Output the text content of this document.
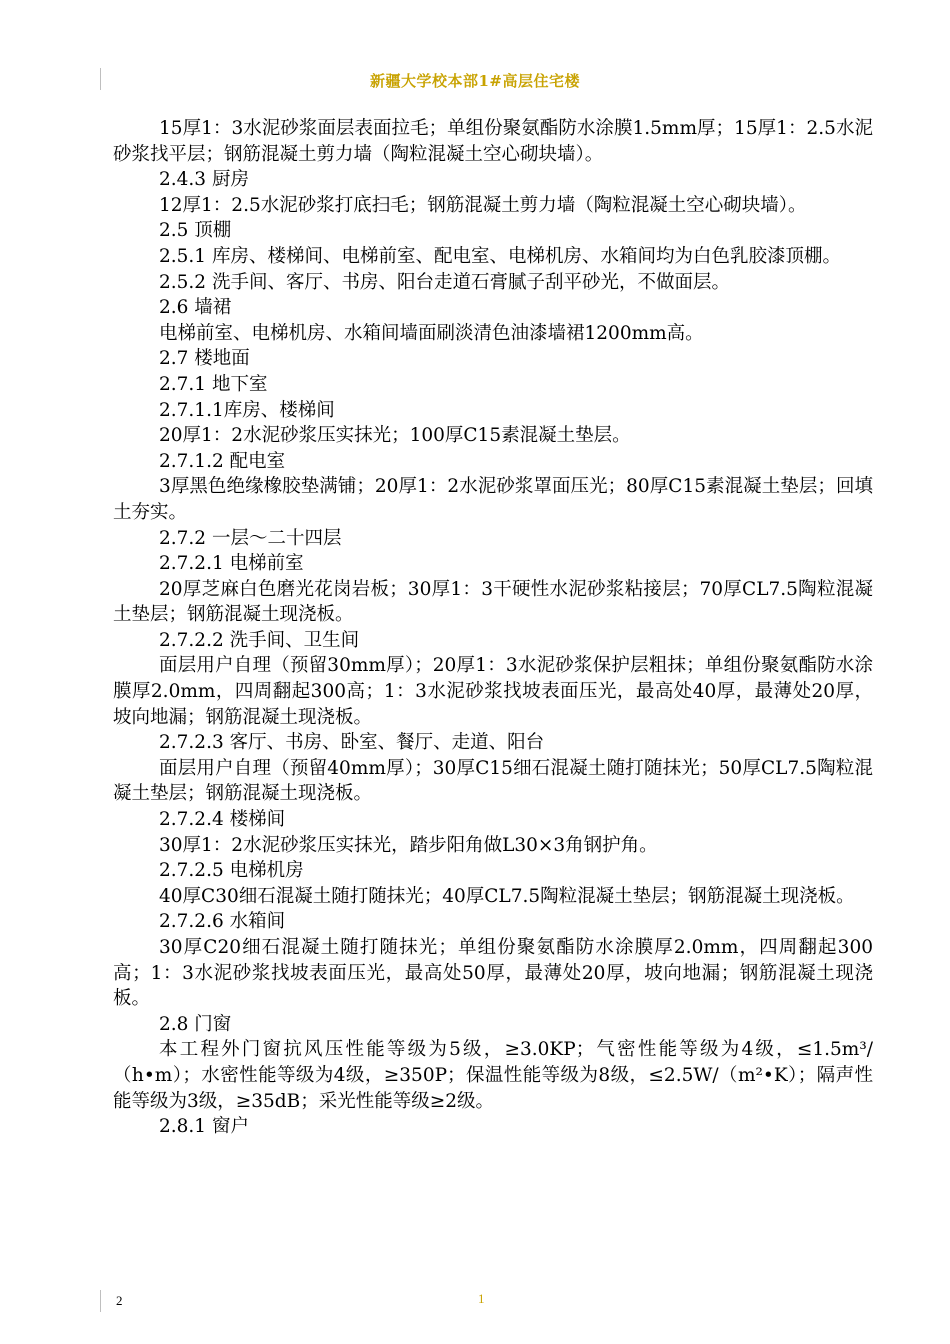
新疆大学校本部1#高层住宅楼

15厚1：3水泥砂浆面层表面拉毛；单组份聚氨酯防水涂膜1.5mm厚；15厚1：2.5水泥砂浆找平层；钢筋混凝土剪力墙（陶粒混凝土空心砌块墙）。

2.4.3 厨房

12厚1：2.5水泥砂浆打底扫毛；钢筋混凝土剪力墙（陶粒混凝土空心砌块墙）。

2.5 顶棚

2.5.1 库房、楼梯间、电梯前室、配电室、电梯机房、水箱间均为白色乳胶漆顶棚。

2.5.2 洗手间、客厅、书房、阳台走道石膏腻子刮平砂光，不做面层。

2.6 墙裙

电梯前室、电梯机房、水箱间墙面刷淡清色油漆墙裙1200mm高。

2.7 楼地面

2.7.1 地下室

2.7.1.1库房、楼梯间

20厚1：2水泥砂浆压实抹光；100厚C15素混凝土垫层。

2.7.1.2 配电室

3厚黑色绝缘橡胶垫满铺；20厚1：2水泥砂浆罩面压光；80厚C15素混凝土垫层；回填土夯实。

2.7.2 一层～二十四层

2.7.2.1 电梯前室

20厚芝麻白色磨光花岗岩板；30厚1：3干硬性水泥砂浆粘接层；70厚CL7.5陶粒混凝土垫层；钢筋混凝土现浇板。

2.7.2.2 洗手间、卫生间

面层用户自理（预留30mm厚）；20厚1：3水泥砂浆保护层粗抹；单组份聚氨酯防水涂膜厚2.0mm，四周翻起300高；1：3水泥砂浆找坡表面压光，最高处40厚，最薄处20厚，坡向地漏；钢筋混凝土现浇板。

2.7.2.3 客厅、书房、卧室、餐厅、走道、阳台

面层用户自理（预留40mm厚）；30厚C15细石混凝土随打随抹光；50厚CL7.5陶粒混凝土垫层；钢筋混凝土现浇板。

2.7.2.4 楼梯间

30厚1：2水泥砂浆压实抹光，踏步阳角做L30×3角钢护角。

2.7.2.5 电梯机房

40厚C30细石混凝土随打随抹光；40厚CL7.5陶粒混凝土垫层；钢筋混凝土现浇板。

2.7.2.6 水箱间

30厚C20细石混凝土随打随抹光；单组份聚氨酯防水涂膜厚2.0mm，四周翻起300高；1：3水泥砂浆找坡表面压光，最高处50厚，最薄处20厚，坡向地漏；钢筋混凝土现浇板。

2.8 门窗

本工程外门窗抗风压性能等级为5级，≥3.0KP；气密性能等级为4级，≤1.5m³/（h•m）；水密性能等级为4级，≥350P；保温性能等级为8级，≤2.5W/（m²•K）；隔声性能等级为3级，≥35dB；采光性能等级≥2级。

2.8.1 窗户

2	1
